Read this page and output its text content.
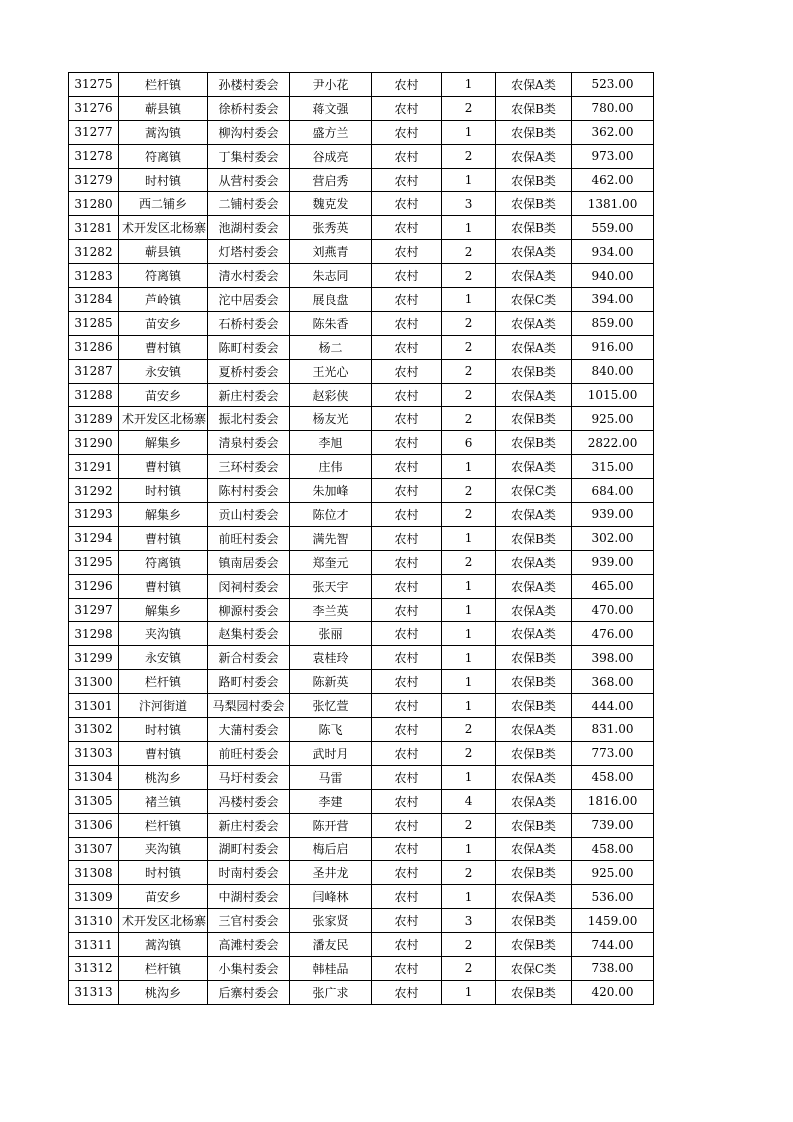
31275	栏杆镇	孙楼村委会	尹小花	农村	1	农保A类	523.00
31276	蕲县镇	徐桥村委会	蒋文强	农村	2	农保B类	780.00
31277	蒿沟镇	柳沟村委会	盛方兰	农村	1	农保B类	362.00
31278	符离镇	丁集村委会	谷成亮	农村	2	农保A类	973.00
31279	时村镇	从营村委会	营启秀	农村	1	农保B类	462.00
31280	西二铺乡	二铺村委会	魏克发	农村	3	农保B类	1381.00
31281	术开发区北杨寨	池湖村委会	张秀英	农村	1	农保B类	559.00
31282	蕲县镇	灯塔村委会	刘燕青	农村	2	农保A类	934.00
31283	符离镇	清水村委会	朱志同	农村	2	农保A类	940.00
31284	芦岭镇	沱中居委会	展良盘	农村	1	农保C类	394.00
31285	苗安乡	石桥村委会	陈朱香	农村	2	农保A类	859.00
31286	曹村镇	陈町村委会	杨二	农村	2	农保A类	916.00
31287	永安镇	夏桥村委会	王光心	农村	2	农保B类	840.00
31288	苗安乡	新庄村委会	赵彩侠	农村	2	农保A类	1015.00
31289	术开发区北杨寨	振北村委会	杨友光	农村	2	农保B类	925.00
31290	解集乡	清泉村委会	李旭	农村	6	农保B类	2822.00
31291	曹村镇	三环村委会	庄伟	农村	1	农保A类	315.00
31292	时村镇	陈村村委会	朱加峰	农村	2	农保C类	684.00
31293	解集乡	贡山村委会	陈位才	农村	2	农保A类	939.00
31294	曹村镇	前旺村委会	满先智	农村	1	农保B类	302.00
31295	符离镇	镇南居委会	郑奎元	农村	2	农保A类	939.00
31296	曹村镇	闵祠村委会	张天宇	农村	1	农保A类	465.00
31297	解集乡	柳源村委会	李兰英	农村	1	农保A类	470.00
31298	夹沟镇	赵集村委会	张丽	农村	1	农保A类	476.00
31299	永安镇	新合村委会	袁桂玲	农村	1	农保B类	398.00
31300	栏杆镇	路町村委会	陈新英	农村	1	农保B类	368.00
31301	汴河街道	马梨园村委会	张忆萱	农村	1	农保B类	444.00
31302	时村镇	大蒲村委会	陈飞	农村	2	农保A类	831.00
31303	曹村镇	前旺村委会	武时月	农村	2	农保B类	773.00
31304	桃沟乡	马圩村委会	马雷	农村	1	农保A类	458.00
31305	褚兰镇	冯楼村委会	李建	农村	4	农保A类	1816.00
31306	栏杆镇	新庄村委会	陈开营	农村	2	农保B类	739.00
31307	夹沟镇	湖町村委会	梅后启	农村	1	农保A类	458.00
31308	时村镇	时南村委会	圣井龙	农村	2	农保B类	925.00
31309	苗安乡	中湖村委会	闫峰林	农村	1	农保A类	536.00
31310	术开发区北杨寨	三官村委会	张家贤	农村	3	农保B类	1459.00
31311	蒿沟镇	高滩村委会	潘友民	农村	2	农保B类	744.00
31312	栏杆镇	小集村委会	韩桂品	农村	2	农保C类	738.00
31313	桃沟乡	后寨村委会	张广求	农村	1	农保B类	420.00
